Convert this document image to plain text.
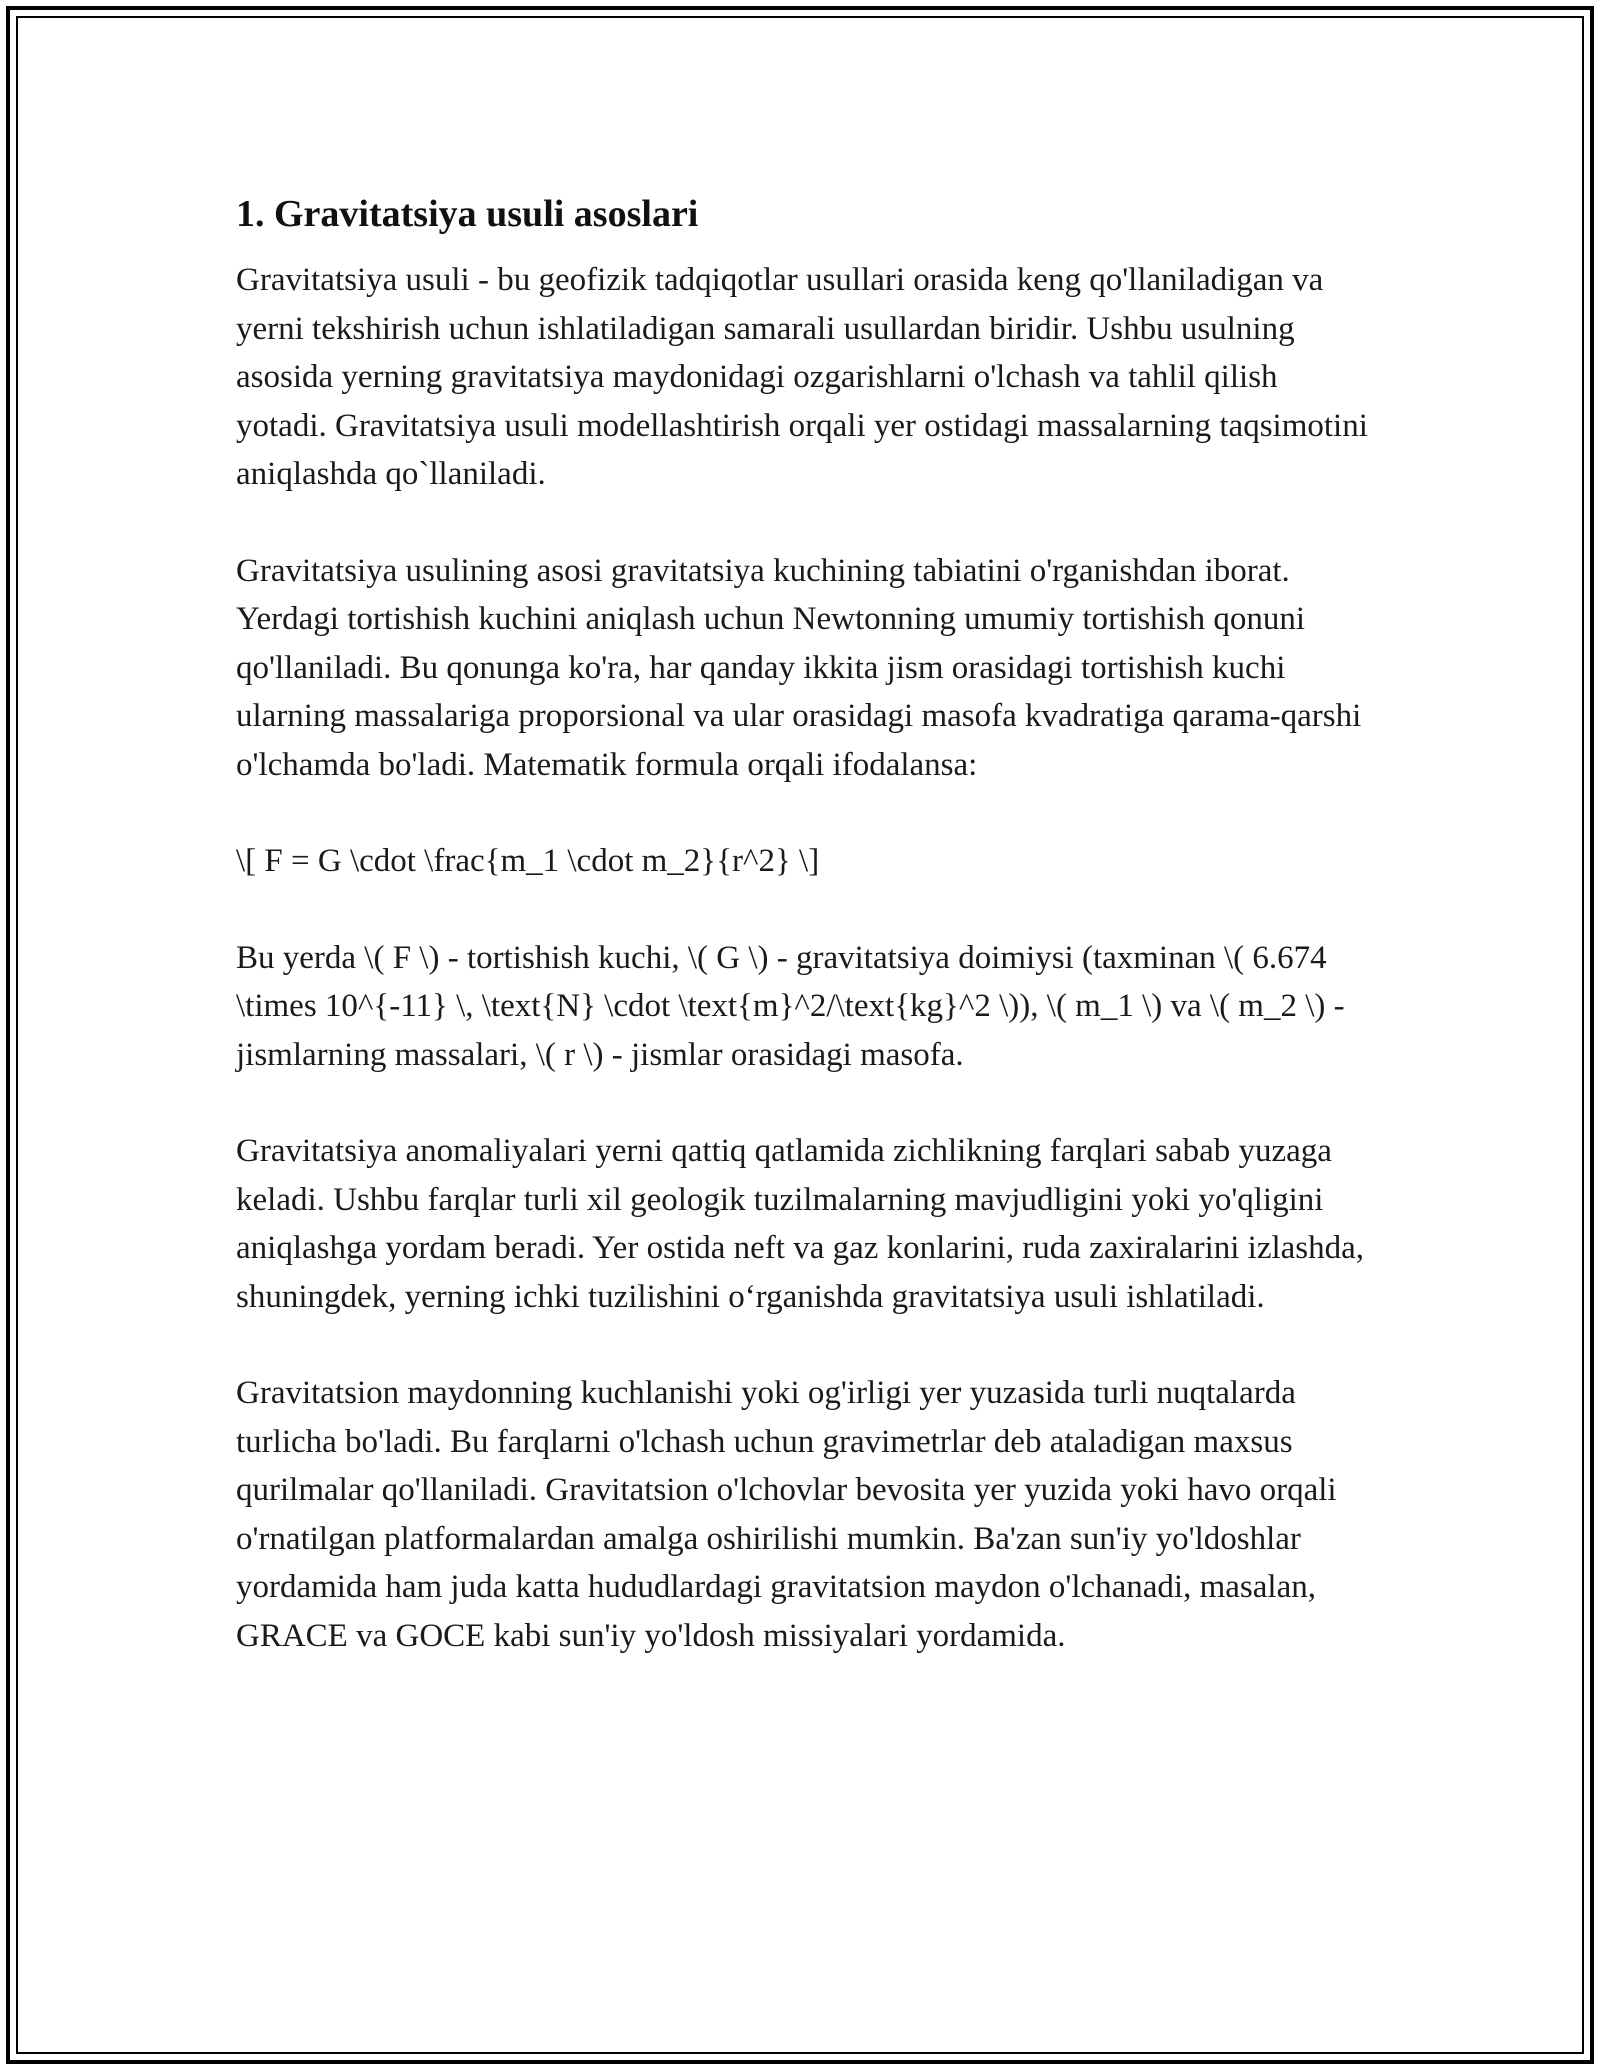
1. Gravitatsiya usuli asoslari

Gravitatsiya usuli - bu geofizik tadqiqotlar usullari orasida keng qo'llaniladigan va yerni tekshirish uchun ishlatiladigan samarali usullardan biridir. Ushbu usulning asosida yerning gravitatsiya maydonidagi ozgarishlarni o'lchash va tahlil qilish yotadi. Gravitatsiya usuli modellashtirish orqali yer ostidagi massalarning taqsimotini aniqlashda qo`llaniladi.

Gravitatsiya usulining asosi gravitatsiya kuchining tabiatini o'rganishdan iborat. Yerdagi tortishish kuchini aniqlash uchun Newtonning umumiy tortishish qonuni qo'llaniladi. Bu qonunga ko'ra, har qanday ikkita jism orasidagi tortishish kuchi ularning massalariga proporsional va ular orasidagi masofa kvadratiga qarama-qarshi o'lchamda bo'ladi. Matematik formula orqali ifodalansa:

\[ F = G \cdot \frac{m_1 \cdot m_2}{r^2} \]

Bu yerda \( F \) - tortishish kuchi, \( G \) - gravitatsiya doimiysi (taxminan \( 6.674 \times 10^{-11} \, \text{N} \cdot \text{m}^2/\text{kg}^2 \)), \( m_1 \) va \( m_2 \) - jismlarning massalari, \( r \) - jismlar orasidagi masofa.

Gravitatsiya anomaliyalari yerni qattiq qatlamida zichlikning farqlari sabab yuzaga keladi. Ushbu farqlar turli xil geologik tuzilmalarning mavjudligini yoki yo'qligini aniqlashga yordam beradi. Yer ostida neft va gaz konlarini, ruda zaxiralarini izlashda, shuningdek, yerning ichki tuzilishini o‘rganishda gravitatsiya usuli ishlatiladi.

Gravitatsion maydonning kuchlanishi yoki og'irligi yer yuzasida turli nuqtalarda turlicha bo'ladi. Bu farqlarni o'lchash uchun gravimetrlar deb ataladigan maxsus qurilmalar qo'llaniladi. Gravitatsion o'lchovlar bevosita yer yuzida yoki havo orqali o'rnatilgan platformalardan amalga oshirilishi mumkin. Ba'zan sun'iy yo'ldoshlar yordamida ham juda katta hududlardagi gravitatsion maydon o'lchanadi, masalan, GRACE va GOCE kabi sun'iy yo'ldosh missiyalari yordamida.
